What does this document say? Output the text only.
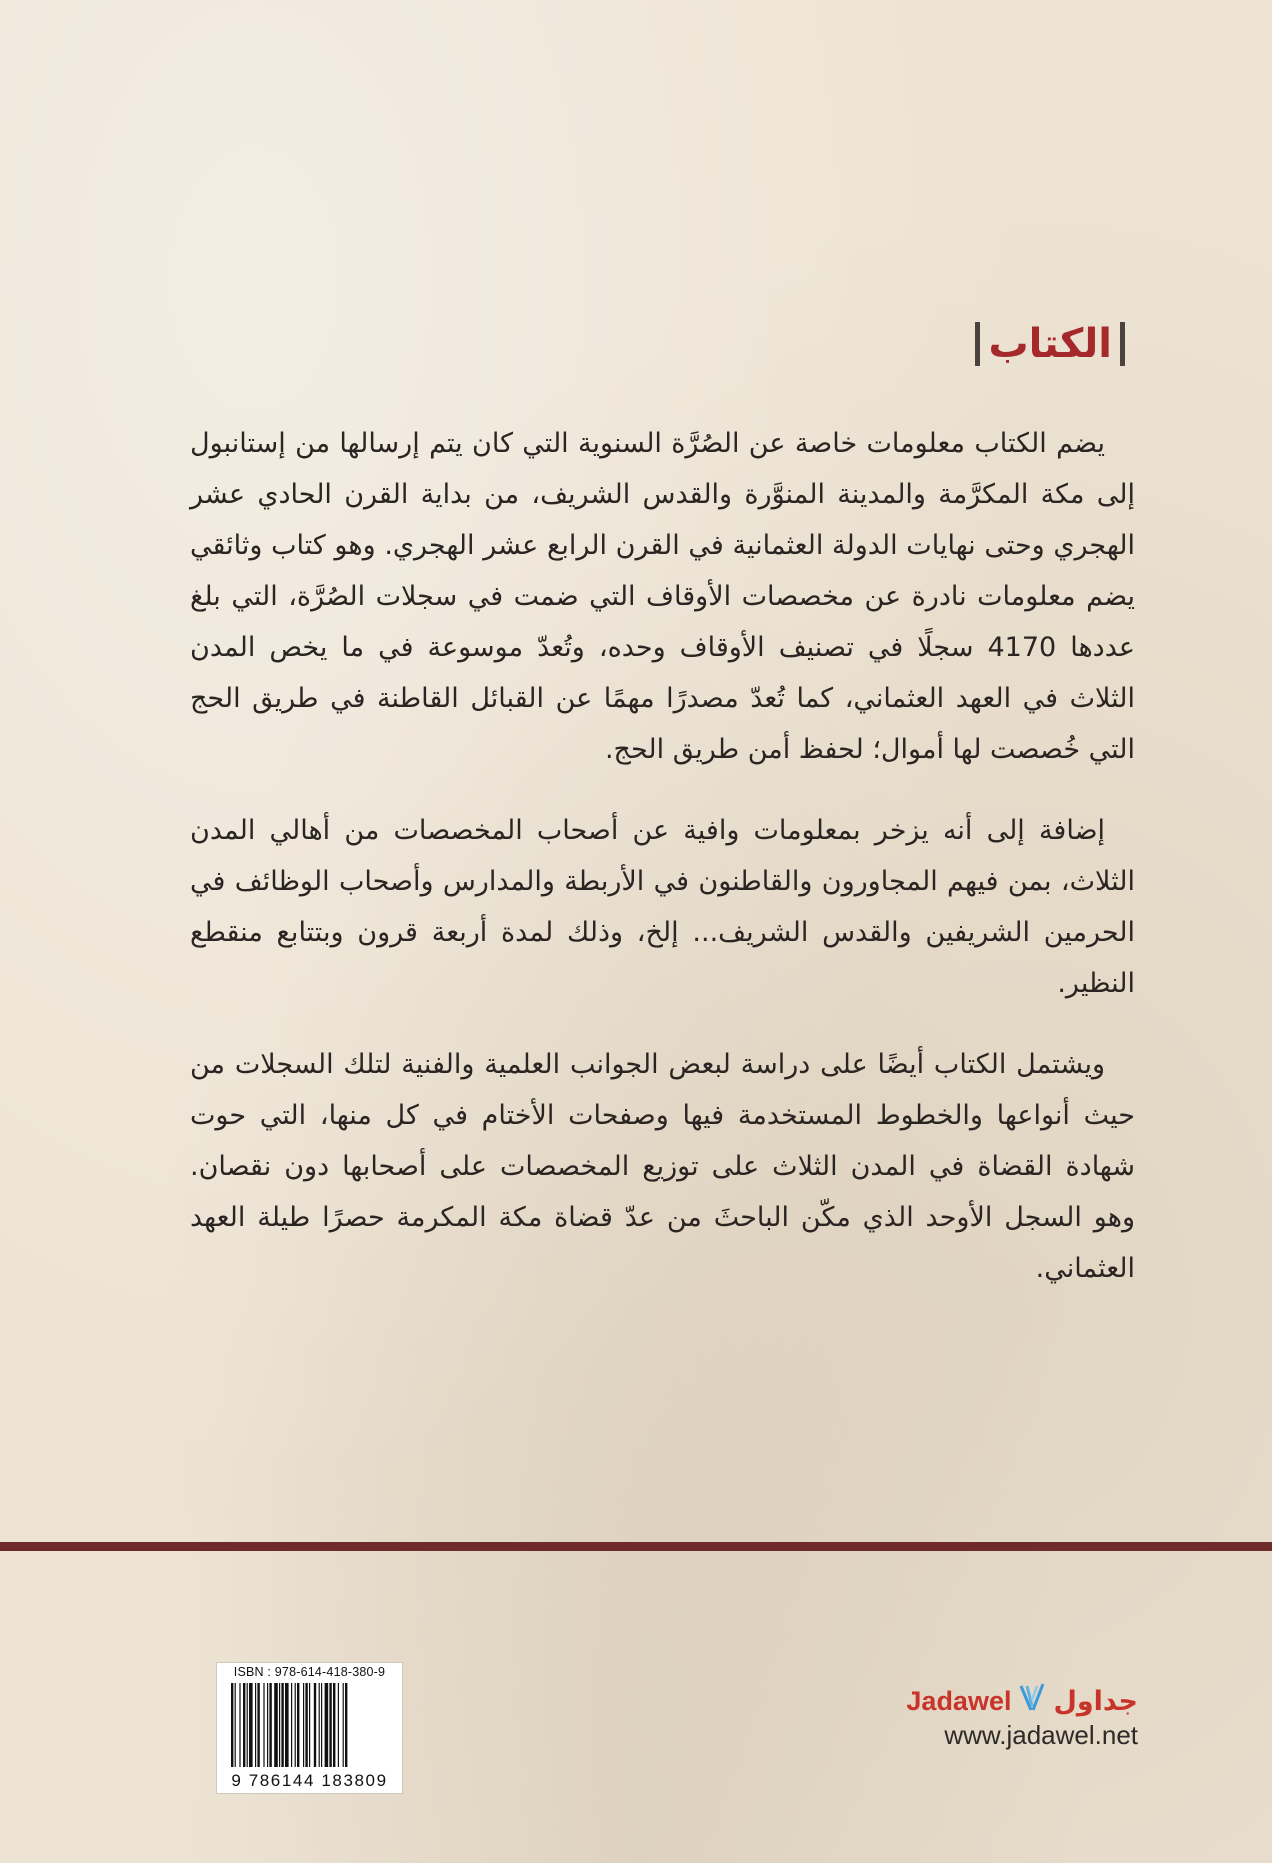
الكتاب

يضم الكتاب معلومات خاصة عن الصُرَّة السنوية التي كان يتم إرسالها من إستانبول إلى مكة المكرَّمة والمدينة المنوَّرة والقدس الشريف، من بداية القرن الحادي عشر الهجري وحتى نهايات الدولة العثمانية في القرن الرابع عشر الهجري. وهو كتاب وثائقي يضم معلومات نادرة عن مخصصات الأوقاف التي ضمت في سجلات الصُرَّة، التي بلغ عددها 4170 سجلًا في تصنيف الأوقاف وحده، وتُعدّ موسوعة في ما يخص المدن الثلاث في العهد العثماني، كما تُعدّ مصدرًا مهمًا عن القبائل القاطنة في طريق الحج التي خُصصت لها أموال؛ لحفظ أمن طريق الحج.

إضافة إلى أنه يزخر بمعلومات وافية عن أصحاب المخصصات من أهالي المدن الثلاث، بمن فيهم المجاورون والقاطنون في الأربطة والمدارس وأصحاب الوظائف في الحرمين الشريفين والقدس الشريف... إلخ، وذلك لمدة أربعة قرون وبتتابع منقطع النظير.

ويشتمل الكتاب أيضًا على دراسة لبعض الجوانب العلمية والفنية لتلك السجلات من حيث أنواعها والخطوط المستخدمة فيها وصفحات الأختام في كل منها، التي حوت شهادة القضاة في المدن الثلاث على توزيع المخصصات على أصحابها دون نقصان. وهو السجل الأوحد الذي مكّن الباحثَ من عدّ قضاة مكة المكرمة حصرًا طيلة العهد العثماني.

ISBN : 978-614-418-380-9
9 786144 183809
Jadawel جداول
www.jadawel.net
